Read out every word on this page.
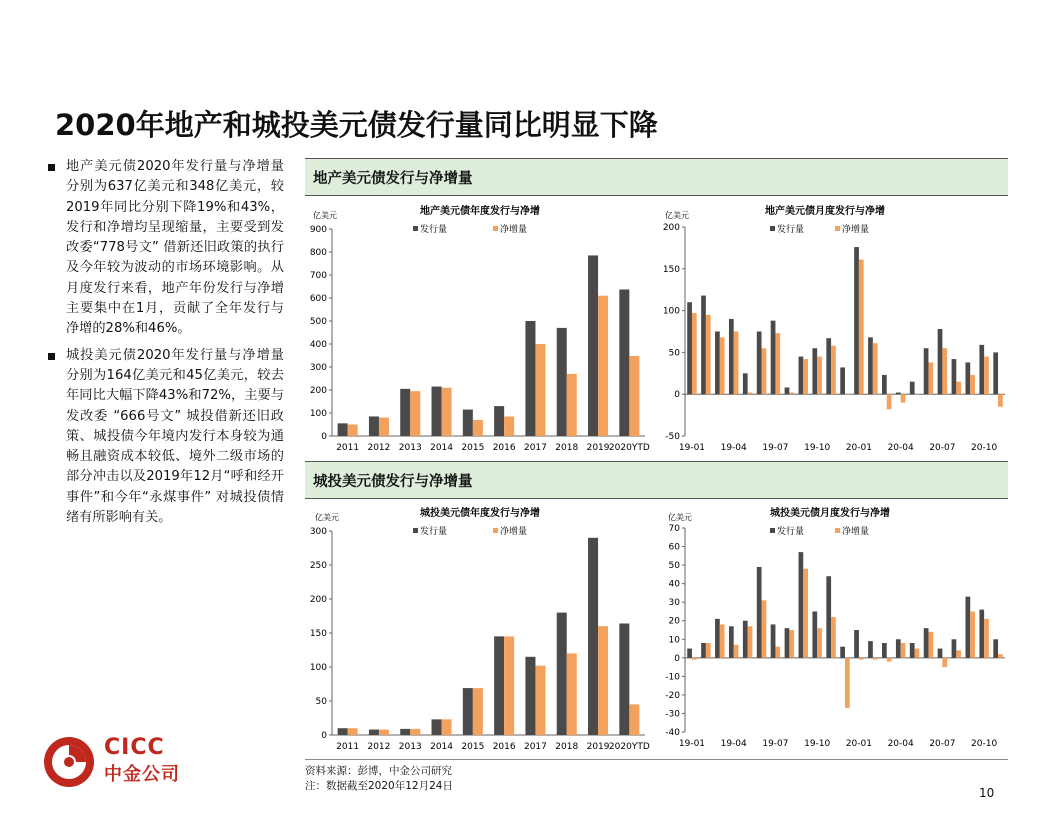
2020年地产和城投美元债发行量同比明显下降
地产美元债2020年发行量与净增量分别为637亿美元和348亿美元，较2019年同比分别下降19%和43%，发行和净增均呈现缩量，主要受到发改委“778号文” 借新还旧政策的执行及今年较为波动的市场环境影响。从月度发行来看，地产年份发行与净增主要集中在1月，贡献了全年发行与净增的28%和46%。
城投美元债2020年发行量与净增量分别为164亿美元和45亿美元，较去年同比大幅下降43%和72%，主要与发改委 “666号文” 城投借新还旧政策、城投债今年境内发行本身较为通畅且融资成本较低、境外二级市场的部分冲击以及2019年12月“呼和经开事件”和今年“永煤事件” 对城投债情绪有所影响有关。
地产美元债发行与净增量
城投美元债发行与净增量
地产美元债年度发行与净增
亿美元
发行量	净增量
0
100
200
300
400
500
600
700
800
900
2011 2012 2013 2014 2015 2016 2017 2018 2019 2020YTD
地产美元债月度发行与净增
亿美元
发行量	净增量
-50
0
50
100
150
200
19-01 19-04 19-07 19-10 20-01 20-04 20-07 20-10
城投美元债年度发行与净增
亿美元
发行量	净增量
0
50
100
150
200
250
300
2011 2012 2013 2014 2015 2016 2017 2018 2019 2020YTD
城投美元债月度发行与净增
亿美元
发行量	净增量
-40
-30
-20
-10
0
10
20
30
40
50
60
70
19-01 19-04 19-07 19-10 20-01 20-04 20-07 20-10
资料来源：彭博，中金公司研究
注：数据截至2020年12月24日
CICC
中金公司
10
